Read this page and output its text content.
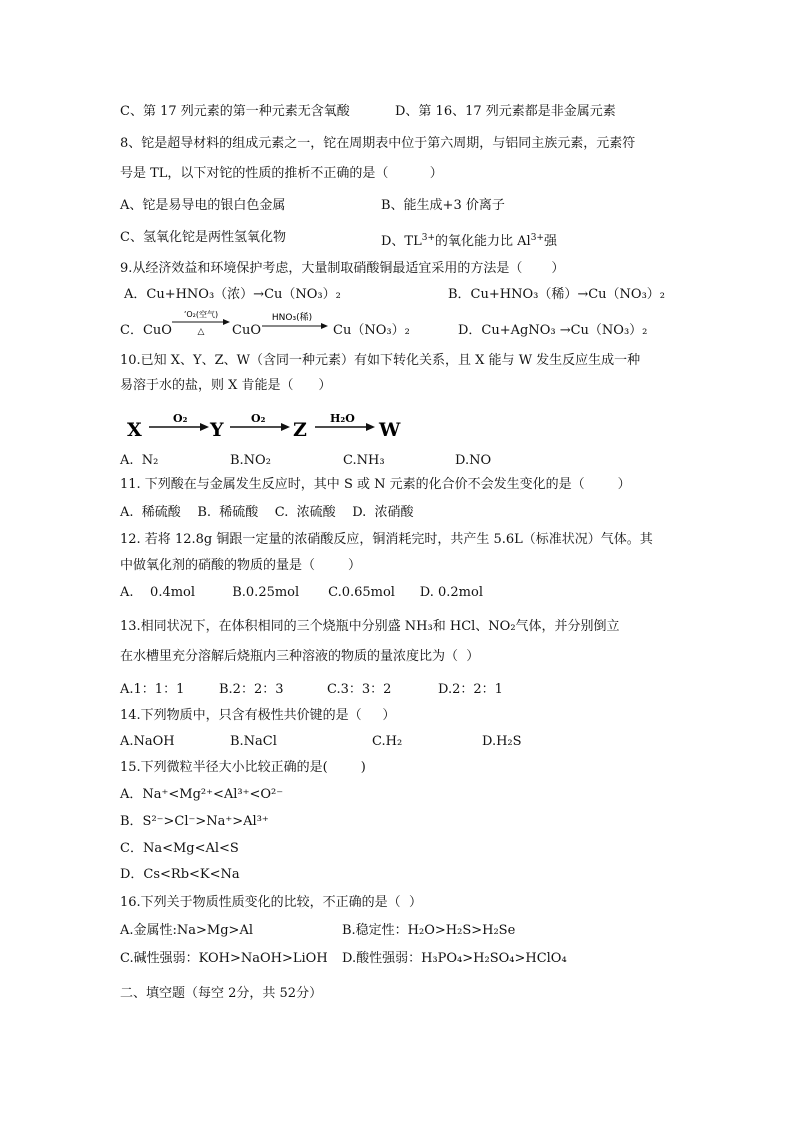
C、第 17 列元素的第一种元素无含氧酸	D、第 16、17 列元素都是非金属元素
8、铊是超导材料的组成元素之一，铊在周期表中位于第六周期，与铝同主族元素，元素符
号是 TL，以下对铊的性质的推析不正确的是（          ）
A、铊是易导电的银白色金属	B、能生成+3 价离子
C、氢氧化铊是两性氢氧化物	D、$TL^{3+}$的氧化能力比 $Al^{3+}$强
9.从经济效益和环境保护考虑，大量制取硝酸铜最适宜采用的方法是（       ）
A．Cu+HNO₃（浓）→Cu（NO₃）₂	B．Cu+HNO₃（稀）→Cu（NO₃）₂
C．CuO
ʼO₂(空气)
△ CuO
HNO₃(稀)
Cu（NO₃）₂	D．Cu+AgNO₃ →Cu（NO₃）₂
10.已知 X、Y、Z、W（含同一种元素）有如下转化关系，且 X 能与 W 发生反应生成一种
易溶于水的盐，则 X 肯能是（      ）
X
O₂
Y
O₂
Z
H₂O
W
A.  N₂	B.NO₂	C.NH₃	D.NO
11. 下列酸在与金属发生反应时，其中 S 或 N 元素的化合价不会发生变化的是（        ）
A.  稀硫酸    B.  稀硫酸    C.  浓硫酸    D.  浓硝酸
12. 若将 12.8g 铜跟一定量的浓硝酸反应，铜消耗完时，共产生 5.6L（标准状况）气体。其
中做氧化剂的硝酸的物质的量是（        ）
A.    0.4mol         B.0.25mol       C.0.65mol      D. 0.2mol
13.相同状况下，在体积相同的三个烧瓶中分别盛 NH₃和 HCl、NO₂气体，并分别倒立
在水槽里充分溶解后烧瓶内三种溶液的物质的量浓度比为（  ）
A.1：1：1	B.2：2：3	C.3：3：2	D.2：2：1
14.下列物质中，只含有极性共价键的是（     ）
A.NaOH	B.NaCl	C.H₂	D.H₂S
15.下列微粒半径大小比较正确的是(        )
A．Na⁺<Mg²⁺<Al³⁺<O²⁻
B．S²⁻>Cl⁻>Na⁺>Al³⁺
C．Na<Mg<Al<S
D．Cs<Rb<K<Na
16.下列关于物质性质变化的比较，不正确的是（  ）
A.金属性:Na>Mg>Al	B.稳定性：H₂O>H₂S>H₂Se
C.碱性强弱：KOH>NaOH>LiOH D.酸性强弱：H₃PO₄>H₂SO₄>HClO₄
二、填空题（每空 2分，共 52分）
